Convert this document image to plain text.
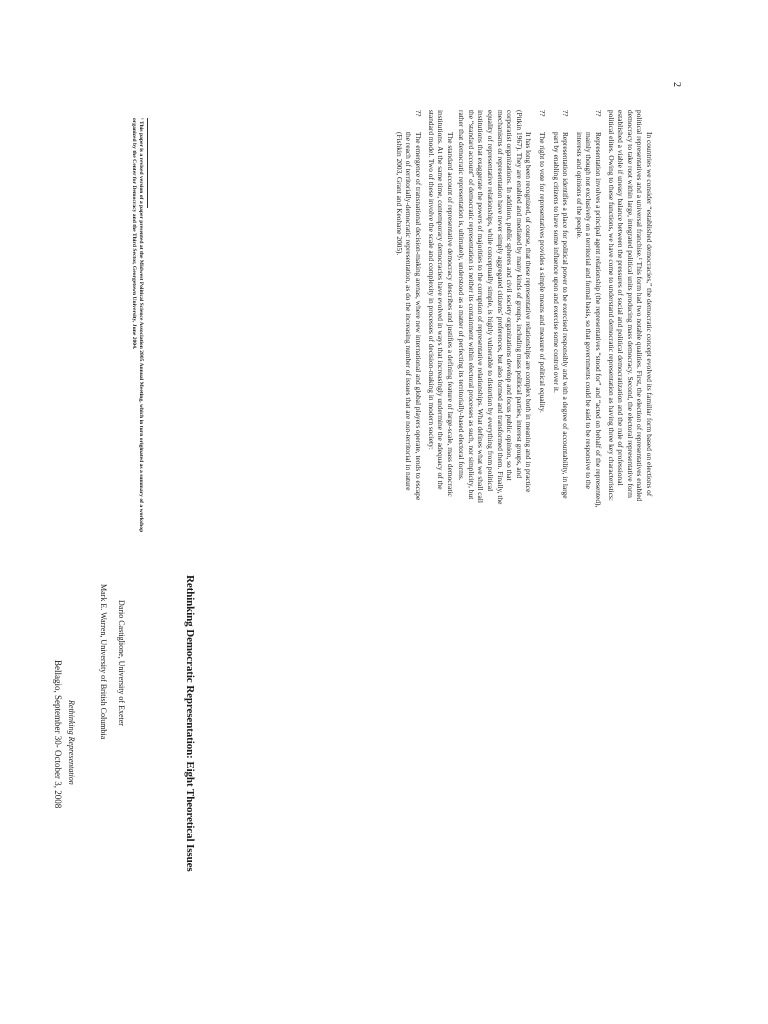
2

In countries we consider “established democracies,” the democratic concept evolved its familiar form based on elections of political representatives and a universal franchise.¹ This form had two notable qualities. First, the election of representatives enabled democracy to take root within large, integrated political units producing mass democracy. Second, the electoral representative form established a viable if uneasy balance between the pressures of social and political democratization and the rule of professional political elites. Owing to these functions, we have come to understand democratic representation as having three key characteristics:

??
Representation involves a principal agent relationship (the representatives “stood for” and “acted on behalf of the represented), mainly though not exclusively on a territorial and formal basis, so that governments could be said to be responsive to the interests and opinions of the people.
??
Representation identifies a place for political power to be exercised responsibly and with a degree of accountability, in large part by enabling citizens to have some influence upon and exercise some control over it.
??
The right to vote for representatives provides a simple means and measure of political equality.

It has long been recognized, of course, that these representative relationships are complex both in meaning and in practice (Pitkin 1967). They are enabled and mediated by many kinds of groups, including mass political parties, interest groups, and corporatist organizations. In addition, public spheres and civil society organizations develop and focus public opinion, so that mechanisms of representation have never simply aggregated citizens’ preferences, but also formed and transformed them. Finally, the equality of representative relationships, while conceptually simple, is highly vulnerable to distortion by everything from political institutions that exaggerate the powers of majorities to the corruption of representative relationships. What defines what we shall call the “standard account” of democratic representation is neither its containment within electoral processes as such, nor simplicity, but rather that democratic representation is, ultimately, understood as a matter of perfecting its territorially-based electoral forms.

The standard account of representative democracy describes and justifies a defining feature of large-scale, mass democratic institutions. At the same time, contemporary democracies have evolved in ways that increasingly undermine the adequacy of the standard model. Two of these involve the scale and complexity in processes of decision-making in modern society:

??
The emergence of transnational decision-making arenas, where new international and global players operate, tends to escape the reach of territorially-democratic representation, as do the increasing number of issues that are non-territorial in nature (Fishkin 2003, Grant and Keohane 2005).
¹ This paper is a revised version of a paper presented at the Midwest Political Science Association 2005 Annual Meeting, which in turn originated as a summary of a workshop organized by the Center for Democracy and the Third Sector, Georgetown University, June 2004.
Rethinking Democratic Representation: Eight Theoretical Issues
Dario Castiglione, University of Exeter
Mark E. Warren, University of British Columbia
Rethinking Representation
Bellagio, September 30- October 3, 2008
